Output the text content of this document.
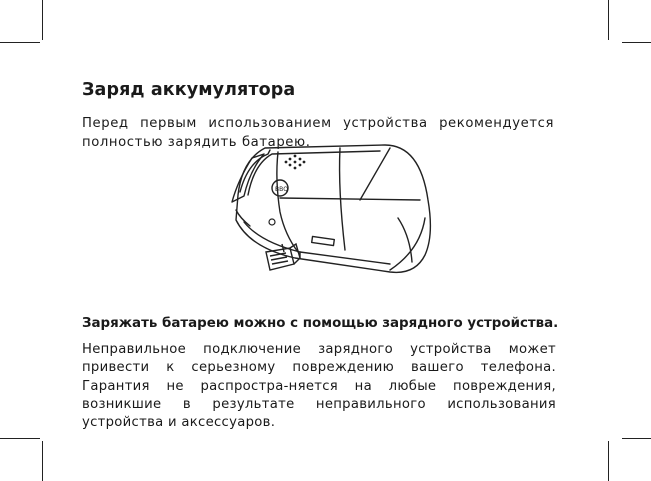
Заряд аккумулятора

Перед первым использованием устройства рекомендуется полностью зарядить батарею.

BBQ
Заряжать батарею можно с помощью зарядного устройства.

Неправильное подключение зарядного устройства может привести к серьезному повреждению вашего телефона. Гарантия не распростра-няется на любые повреждения, возникшие в результате неправильного использования устройства и аксессуаров.
